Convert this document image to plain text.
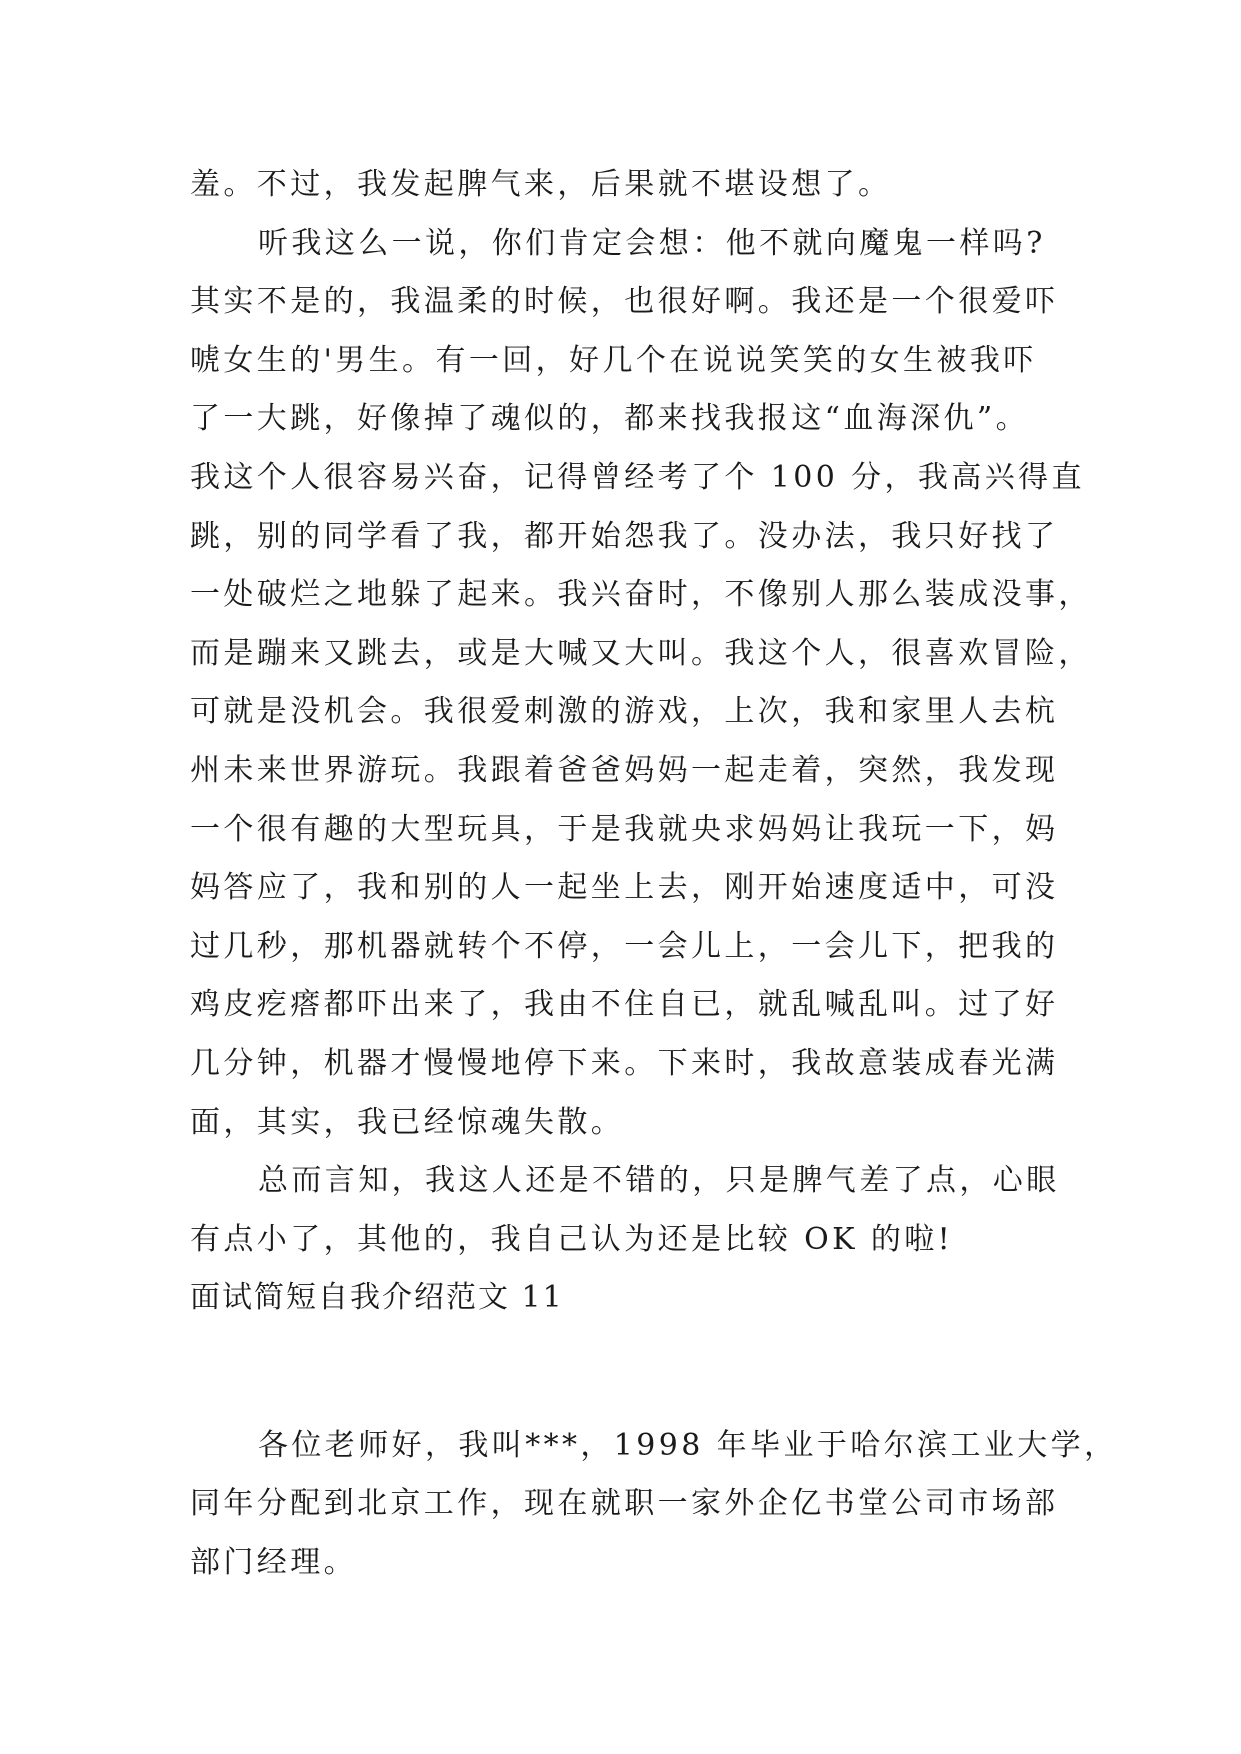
羞。不过，我发起脾气来，后果就不堪设想了。
听我这么一说，你们肯定会想：他不就向魔鬼一样吗?
其实不是的，我温柔的时候，也很好啊。我还是一个很爱吓
唬女生的'男生。有一回，好几个在说说笑笑的女生被我吓
了一大跳，好像掉了魂似的，都来找我报这“血海深仇”。
我这个人很容易兴奋，记得曾经考了个 100 分，我高兴得直
跳，别的同学看了我，都开始怨我了。没办法，我只好找了
一处破烂之地躲了起来。我兴奋时，不像别人那么装成没事，
而是蹦来又跳去，或是大喊又大叫。我这个人，很喜欢冒险，
可就是没机会。我很爱刺激的游戏，上次，我和家里人去杭
州未来世界游玩。我跟着爸爸妈妈一起走着，突然，我发现
一个很有趣的大型玩具，于是我就央求妈妈让我玩一下，妈
妈答应了，我和别的人一起坐上去，刚开始速度适中，可没
过几秒，那机器就转个不停，一会儿上，一会儿下，把我的
鸡皮疙瘩都吓出来了，我由不住自已，就乱喊乱叫。过了好
几分钟，机器才慢慢地停下来。下来时，我故意装成春光满
面，其实，我已经惊魂失散。
总而言知，我这人还是不错的，只是脾气差了点，心眼
有点小了，其他的，我自己认为还是比较 OK 的啦!
面试简短自我介绍范文 11
各位老师好，我叫***，1998 年毕业于哈尔滨工业大学，
同年分配到北京工作，现在就职一家外企亿书堂公司市场部
部门经理。
